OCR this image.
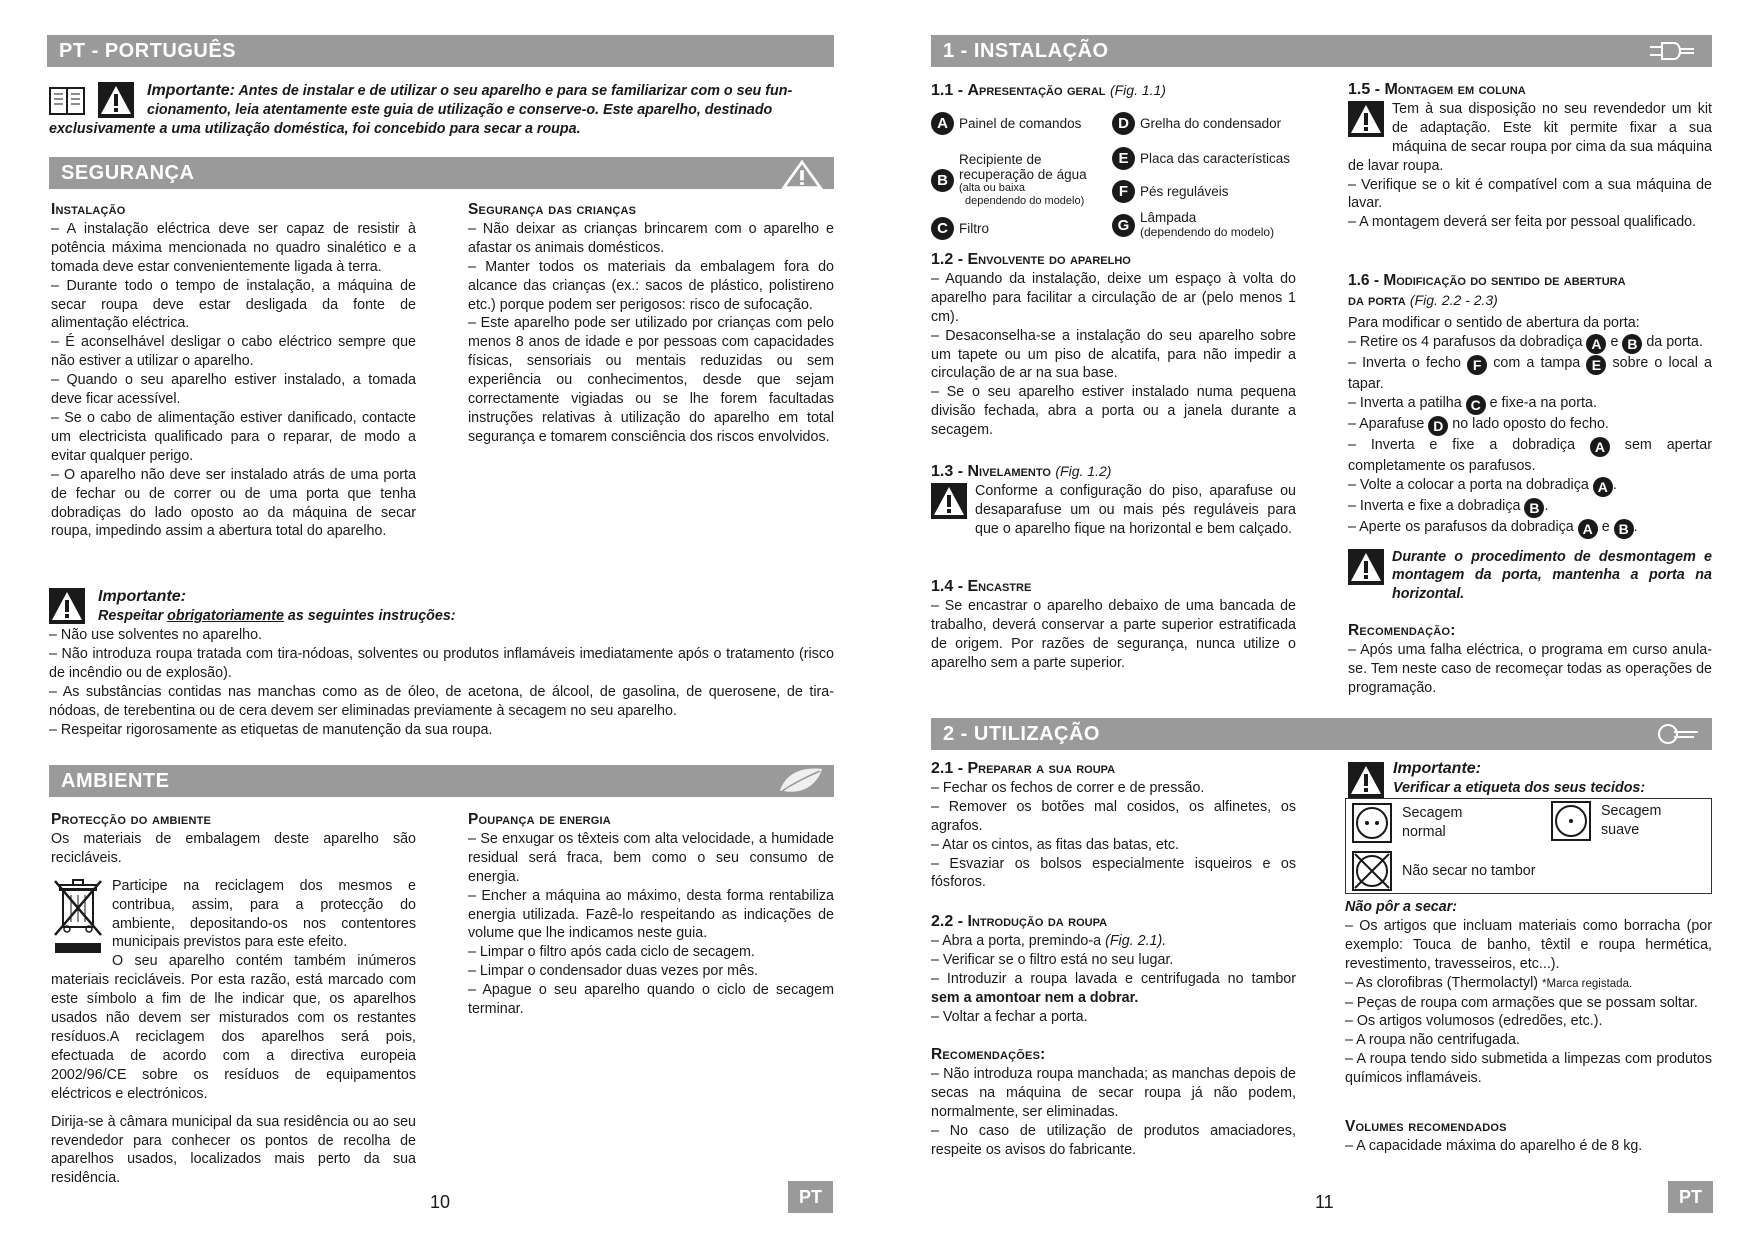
PT - PORTUGUÊS

Importante: Antes de instalar e de utilizar o seu aparelho e para se familiarizar com o seu fun-

cionamento, leia atentamente este guia de utilização e conserve-o. Este aparelho, destinado

exclusivamente a uma utilização doméstica, foi concebido para secar a roupa.
SEGURANÇA

Instalação

– A instalação eléctrica deve ser capaz de resistir à potência máxima mencionada no quadro sinalético e a tomada deve estar convenientemente ligada à terra.

– Durante todo o tempo de instalação, a máquina de secar roupa deve estar desligada da fonte de alimentação eléctrica.

– É aconselhável desligar o cabo eléctrico sempre que não estiver a utilizar o aparelho.

– Quando o seu aparelho estiver instalado, a tomada deve ficar acessível.

– Se o cabo de alimentação estiver danificado, contacte um electricista qualificado para o reparar, de modo a evitar qualquer perigo.

– O aparelho não deve ser instalado atrás de uma porta de fechar ou de correr ou de uma porta que tenha dobradiças do lado oposto ao da máquina de secar roupa, impedindo assim a abertura total do aparelho.

Segurança das crianças

– Não deixar as crianças brincarem com o aparelho e afastar os animais domésticos.

– Manter todos os materiais da embalagem fora do alcance das crianças (ex.: sacos de plástico, polistireno etc.) porque podem ser perigosos: risco de sufocação.

– Este aparelho pode ser utilizado por crianças com pelo menos 8 anos de idade e por pessoas com capacidades físicas, sensoriais ou mentais reduzidas ou sem experiência ou conhecimentos, desde que sejam correctamente vigiadas ou se lhe forem facultadas instruções relativas à utilização do aparelho em total segurança e tomarem consciência dos riscos envolvidos.

Importante:

Respeitar obrigatoriamente as seguintes instruções:

– Não use solventes no aparelho.

– Não introduza roupa tratada com tira-nódoas, solventes ou produtos inflamáveis imediatamente após o tratamento (risco de incêndio ou de explosão).

– As substâncias contidas nas manchas como as de óleo, de acetona, de álcool, de gasolina, de querosene, de tira-nódoas, de terebentina ou de cera devem ser eliminadas previamente à secagem no seu aparelho.

– Respeitar rigorosamente as etiquetas de manutenção da sua roupa.

AMBIENTE

Protecção do ambiente

Os materiais de embalagem deste aparelho são recicláveis.

Participe na reciclagem dos mesmos e contribua, assim, para a protecção do ambiente, depositando-os nos contentores municipais previstos para este efeito.

O seu aparelho contém também inúmeros materiais recicláveis. Por esta razão, está marcado com este símbolo a fim de lhe indicar que, os aparelhos usados não devem ser misturados com os restantes resíduos.A reciclagem dos aparelhos será pois, efectuada de acordo com a directiva europeia 2002/96/CE sobre os resíduos de equipamentos eléctricos e electrónicos.

Dirija-se à câmara municipal da sua residência ou ao seu revendedor para conhecer os pontos de recolha de aparelhos usados, localizados mais perto da sua residência.

Poupança de energia

– Se enxugar os têxteis com alta velocidade, a humidade residual será fraca, bem como o seu consumo de energia.

– Encher a máquina ao máximo, desta forma rentabiliza energia utilizada. Fazê-lo respeitando as indicações de volume que lhe indicamos neste guia.

– Limpar o filtro após cada ciclo de secagem.

– Limpar o condensador duas vezes por mês.

– Apague o seu aparelho quando o ciclo de secagem terminar.

10	PT
1 - INSTALAÇÃO

1.1 - Apresentação geral (Fig. 1.1)

A Painel de comandos
B
Recipiente de
recuperação de água
(alta ou baixa
dependendo do modelo)
C Filtro
D Grelha do condensador
E Placa das características
F Pés reguláveis
G Lâmpada
(dependendo do modelo)

1.2 - Envolvente do aparelho

– Aquando da instalação, deixe um espaço à volta do aparelho para facilitar a circulação de ar (pelo menos 1 cm).

– Desaconselha-se a instalação do seu aparelho sobre um tapete ou um piso de alcatifa, para não impedir a circulação de ar na sua base.

– Se o seu aparelho estiver instalado numa pequena divisão fechada, abra a porta ou a janela durante a secagem.

1.3 - Nivelamento (Fig. 1.2)

Conforme a configuração do piso, aparafuse ou desaparafuse um ou mais pés reguláveis para que o aparelho fique na horizontal e bem calçado.

1.4 - Encastre

– Se encastrar o aparelho debaixo de uma bancada de trabalho, deverá conservar a parte superior estratificada de origem. Por razões de segurança, nunca utilize o aparelho sem a parte superior.

1.5 - Montagem em coluna

Tem à sua disposição no seu revendedor um kit de adaptação. Este kit permite fixar a sua máquina de secar roupa por cima da sua máquina de lavar roupa.

– Verifique se o kit é compatível com a sua máquina de lavar.

– A montagem deverá ser feita por pessoal qualificado.

1.6 - Modificação do sentido de abertura

da porta (Fig. 2.2 - 2.3)

Para modificar o sentido de abertura da porta:

– Retire os 4 parafusos da dobradiça A e B da porta.

– Inverta o fecho F com a tampa E sobre o local a tapar.

– Inverta a patilha C e fixe-a na porta.

– Aparafuse D no lado oposto do fecho.

– Inverta e fixe a dobradiça A sem apertar completamente os parafusos.

– Volte a colocar a porta na dobradiça A .

– Inverta e fixe a dobradiça B .

– Aperte os parafusos da dobradiça A e B .

Durante o procedimento de desmontagem e montagem da porta, mantenha a porta na horizontal.

Recomendação:

– Após uma falha eléctrica, o programa em curso anula-se. Tem neste caso de recomeçar todas as operações de programação.

2 - UTILIZAÇÃO

2.1 - Preparar a sua roupa

– Fechar os fechos de correr e de pressão.

– Remover os botões mal cosidos, os alfinetes, os agrafos.

– Atar os cintos, as fitas das batas, etc.

– Esvaziar os bolsos especialmente isqueiros e os fósforos.

2.2 - Introdução da roupa

– Abra a porta, premindo-a (Fig. 2.1).

– Verificar se o filtro está no seu lugar.

– Introduzir a roupa lavada e centrifugada no tambor sem a amontoar nem a dobrar.

– Voltar a fechar a porta.

Recomendações:

– Não introduza roupa manchada; as manchas depois de secas na máquina de secar roupa já não podem, normalmente, ser eliminadas.

– No caso de utilização de produtos amaciadores, respeite os avisos do fabricante.

Importante:

Verificar a etiqueta dos seus tecidos:

Secagem
normal
Secagem
suave
Não secar no tambor

Não pôr a secar:

– Os artigos que incluam materiais como borracha (por exemplo: Touca de banho, têxtil e roupa hermética, revestimento, travesseiros, etc...).

– As clorofibras (Thermolactyl) *Marca registada.

– Peças de roupa com armações que se possam soltar.

– Os artigos volumosos (edredões, etc.).

– A roupa não centrifugada.

– A roupa tendo sido submetida a limpezas com produtos químicos inflamáveis.

Volumes recomendados

– A capacidade máxima do aparelho é de 8 kg.

11	PT
